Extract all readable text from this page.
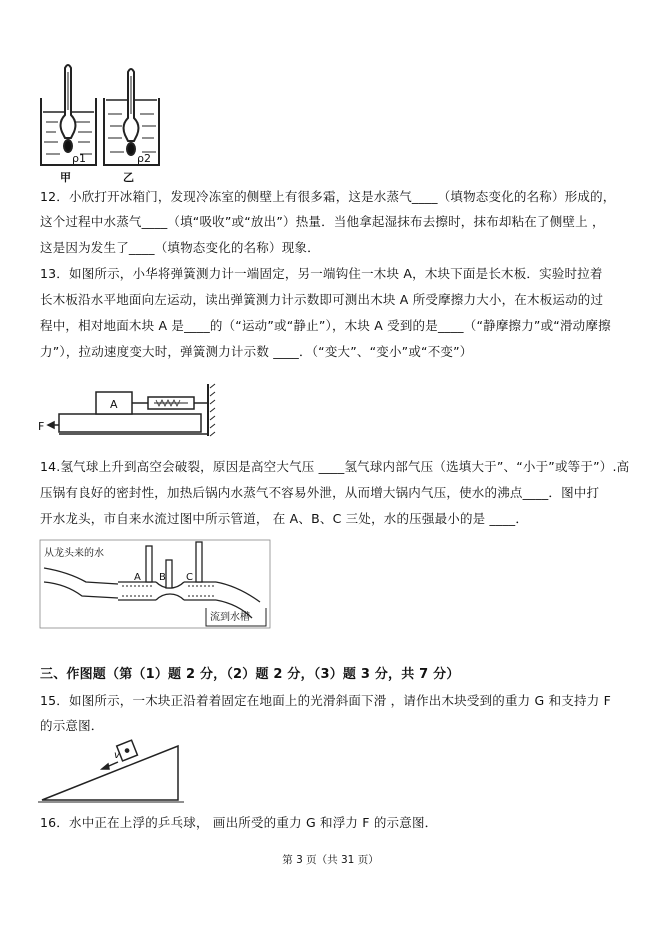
ρ1	ρ2
甲	乙
12．小欣打开冰箱门，发现冷冻室的侧壁上有很多霜，这是水蒸气____（填物态变化的名称）形成的，
这个过程中水蒸气____（填“吸收”或“放出”）热量．当他拿起湿抹布去擦时，抹布却粘在了侧壁上 ，
这是因为发生了____（填物态变化的名称）现象．
13．如图所示，小华将弹簧测力计一端固定，另一端钩住一木块 A，木块下面是长木板．实验时拉着
长木板沿水平地面向左运动，读出弹簧测力计示数即可测出木块 A 所受摩擦力大小，在木板运动的过
程中，相对地面木块 A 是____的（“运动”或“静止”），木块 A 受到的是____（“静摩擦力”或“滑动摩擦
力”），拉动速度变大时，弹簧测力计示数 ____．（“变大”、“变小”或“不变”）
A
F
14.氢气球上升到高空会破裂，原因是高空大气压 ____氢气球内部气压（选填大于”、“小于”或等于”）.高
压锅有良好的密封性，加热后锅内水蒸气不容易外泄，从而增大锅内气压，使水的沸点____．图中打
开水龙头，市自来水流过图中所示管道， 在 A、B、C 三处，水的压强最小的是 ____．
从龙头来的水
流到水槽
A B C
三、作图题（第（1）题 2 分，（2）题 2 分，（3）题 3 分，共 7 分）
15．如图所示，一木块正沿着着固定在地面上的光滑斜面下滑 ，请作出木块受到的重力 G 和支持力 F
的示意图．
v
16．水中正在上浮的乒乓球， 画出所受的重力 G 和浮力 F 的示意图．
第 3 页（共 31 页）
